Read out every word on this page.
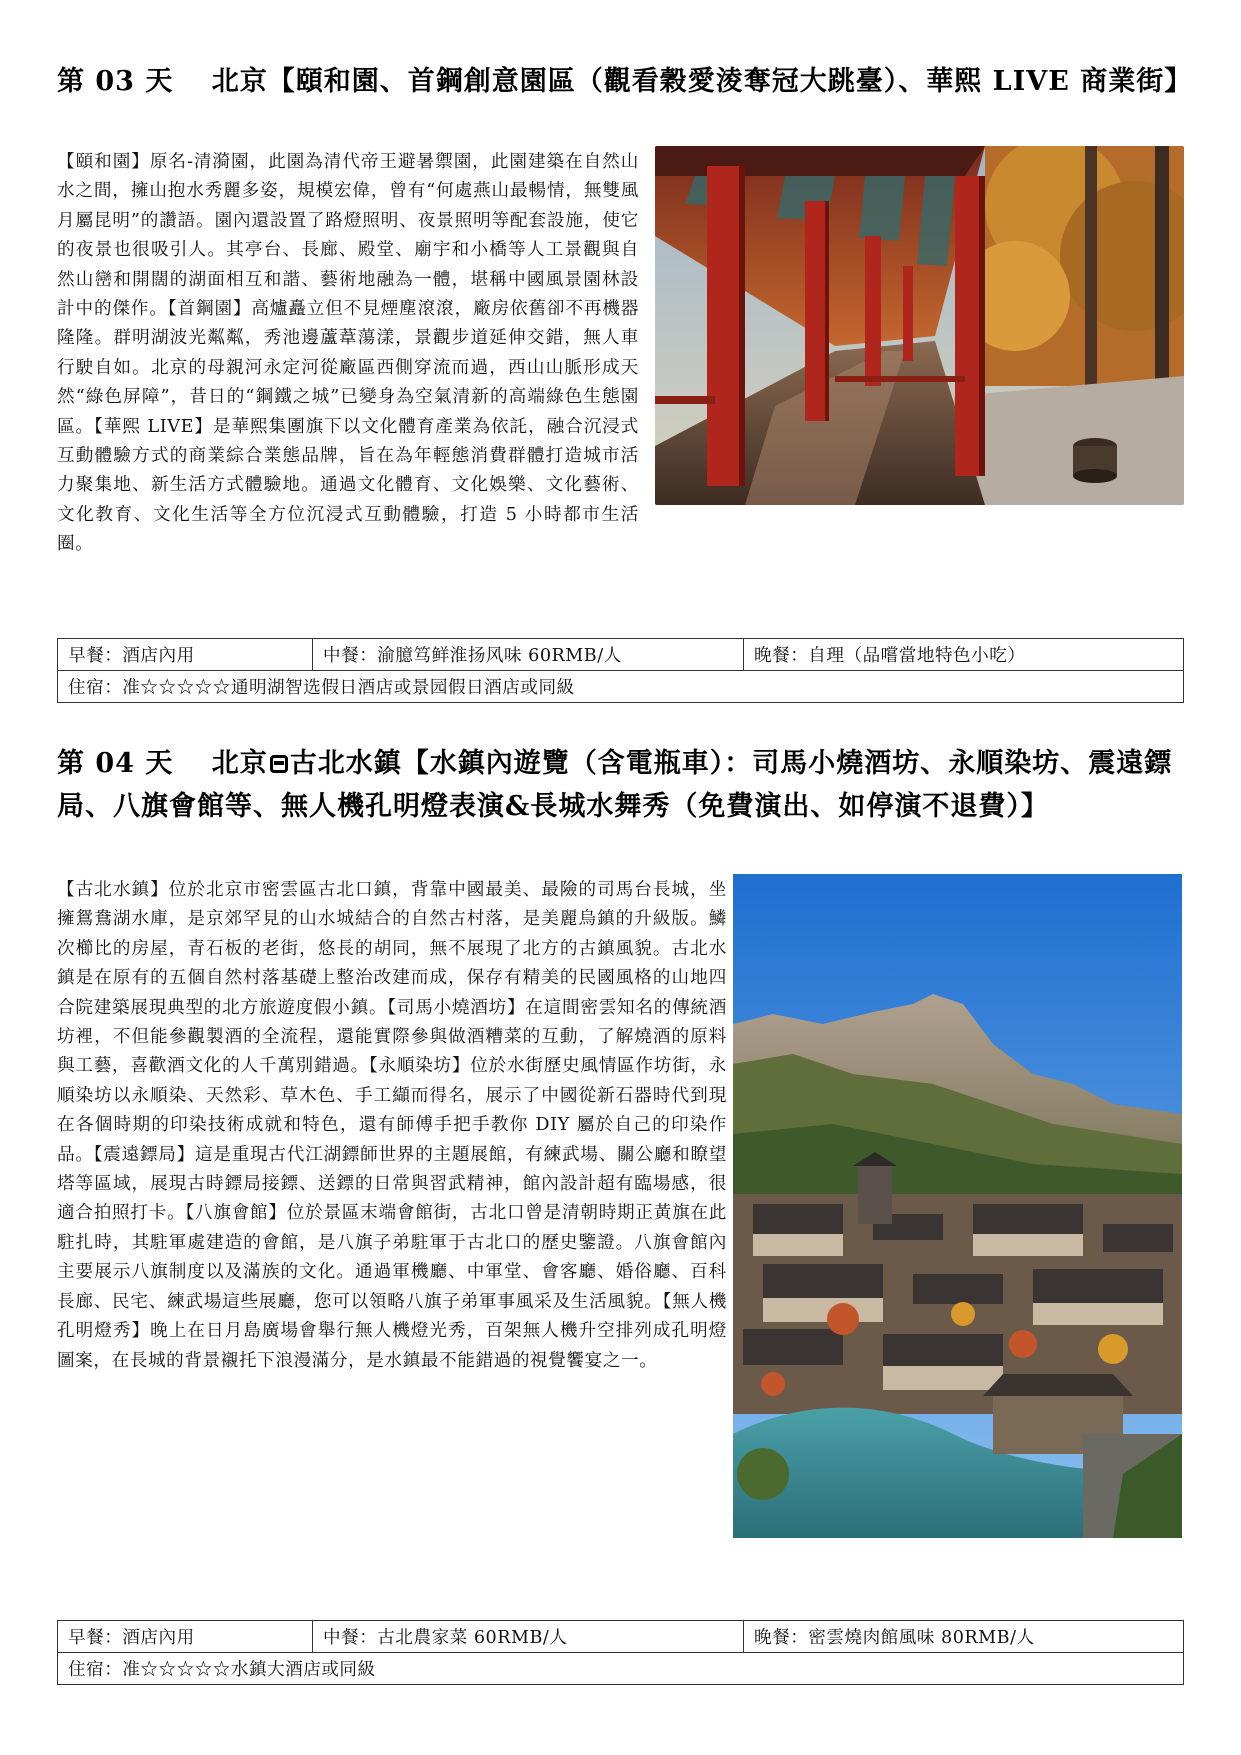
第 03 天　 北京【頤和園、首鋼創意園區（觀看穀愛淩奪冠大跳臺）、華熙 LIVE 商業街】
【頤和園】原名-清漪園，此園為清代帝王避暑禦園，此園建築在自然山水之間，擁山抱水秀麗多姿，規模宏偉，曾有“何處燕山最暢情，無雙風月屬昆明”的讚語。園內還設置了路燈照明、夜景照明等配套設施，使它的夜景也很吸引人。其亭台、長廊、殿堂、廟宇和小橋等人工景觀與自然山巒和開闊的湖面相互和諧、藝術地融為一體，堪稱中國風景園林設計中的傑作。【首鋼園】高爐矗立但不見煙塵滾滾，廠房依舊卻不再機器隆隆。群明湖波光粼粼，秀池邊蘆葦蕩漾，景觀步道延伸交錯，無人車行駛自如。北京的母親河永定河從廠區西側穿流而過，西山山脈形成天然“綠色屏障”，昔日的“鋼鐵之城”已變身為空氣清新的高端綠色生態園區。【華熙 LIVE】是華熙集團旗下以文化體育產業為依託，融合沉浸式互動體驗方式的商業綜合業態品牌，旨在為年輕態消費群體打造城市活力聚集地、新生活方式體驗地。通過文化體育、文化娛樂、文化藝術、文化教育、文化生活等全方位沉浸式互動體驗，打造 5 小時都市生活圈。
早餐：酒店內用	中餐：渝臆笃鲜淮扬风味 60RMB/人	晚餐：自理（品嚐當地特色小吃）
住宿：准☆☆☆☆☆通明湖智选假日酒店或景园假日酒店或同級
第 04 天　 北京 古北水鎮【水鎮內遊覽（含電瓶車）：司馬小燒酒坊、永順染坊、震遠鏢局、八旗會館等、無人機孔明燈表演&長城水舞秀（免費演出、如停演不退費）】
【古北水鎮】位於北京市密雲區古北口鎮，背靠中國最美、最險的司馬台長城，坐擁鴛鴦湖水庫，是京郊罕見的山水城結合的自然古村落，是美麗烏鎮的升級版。鱗次櫛比的房屋，青石板的老街，悠長的胡同，無不展現了北方的古鎮風貌。古北水鎮是在原有的五個自然村落基礎上整治改建而成，保存有精美的民國風格的山地四合院建築展現典型的北方旅遊度假小鎮。【司馬小燒酒坊】在這間密雲知名的傳統酒坊裡，不但能參觀製酒的全流程，還能實際參與做酒糟菜的互動，了解燒酒的原料與工藝，喜歡酒文化的人千萬別錯過。【永順染坊】位於水街歷史風情區作坊街，永順染坊以永順染、天然彩、草木色、手工纈而得名，展示了中國從新石器時代到現在各個時期的印染技術成就和特色，還有師傅手把手教你 DIY 屬於自己的印染作品。【震遠鏢局】這是重現古代江湖鏢師世界的主題展館，有練武場、關公廳和瞭望塔等區域，展現古時鏢局接鏢、送鏢的日常與習武精神，館內設計超有臨場感，很適合拍照打卡。【八旗會館】位於景區末端會館街，古北口曾是清朝時期正黃旗在此駐扎時，其駐軍處建造的會館，是八旗子弟駐軍于古北口的歷史鑒證。八旗會館內主要展示八旗制度以及滿族的文化。通過軍機廳、中軍堂、會客廳、婚俗廳、百科長廊、民宅、練武場這些展廳，您可以領略八旗子弟軍事風采及生活風貌。【無人機孔明燈秀】晚上在日月島廣場會舉行無人機燈光秀，百架無人機升空排列成孔明燈圖案，在長城的背景襯托下浪漫滿分，是水鎮最不能錯過的視覺饗宴之一。
早餐：酒店內用	中餐：古北農家菜 60RMB/人	晚餐：密雲燒肉館風味 80RMB/人
住宿：准☆☆☆☆☆水鎮大酒店或同級
